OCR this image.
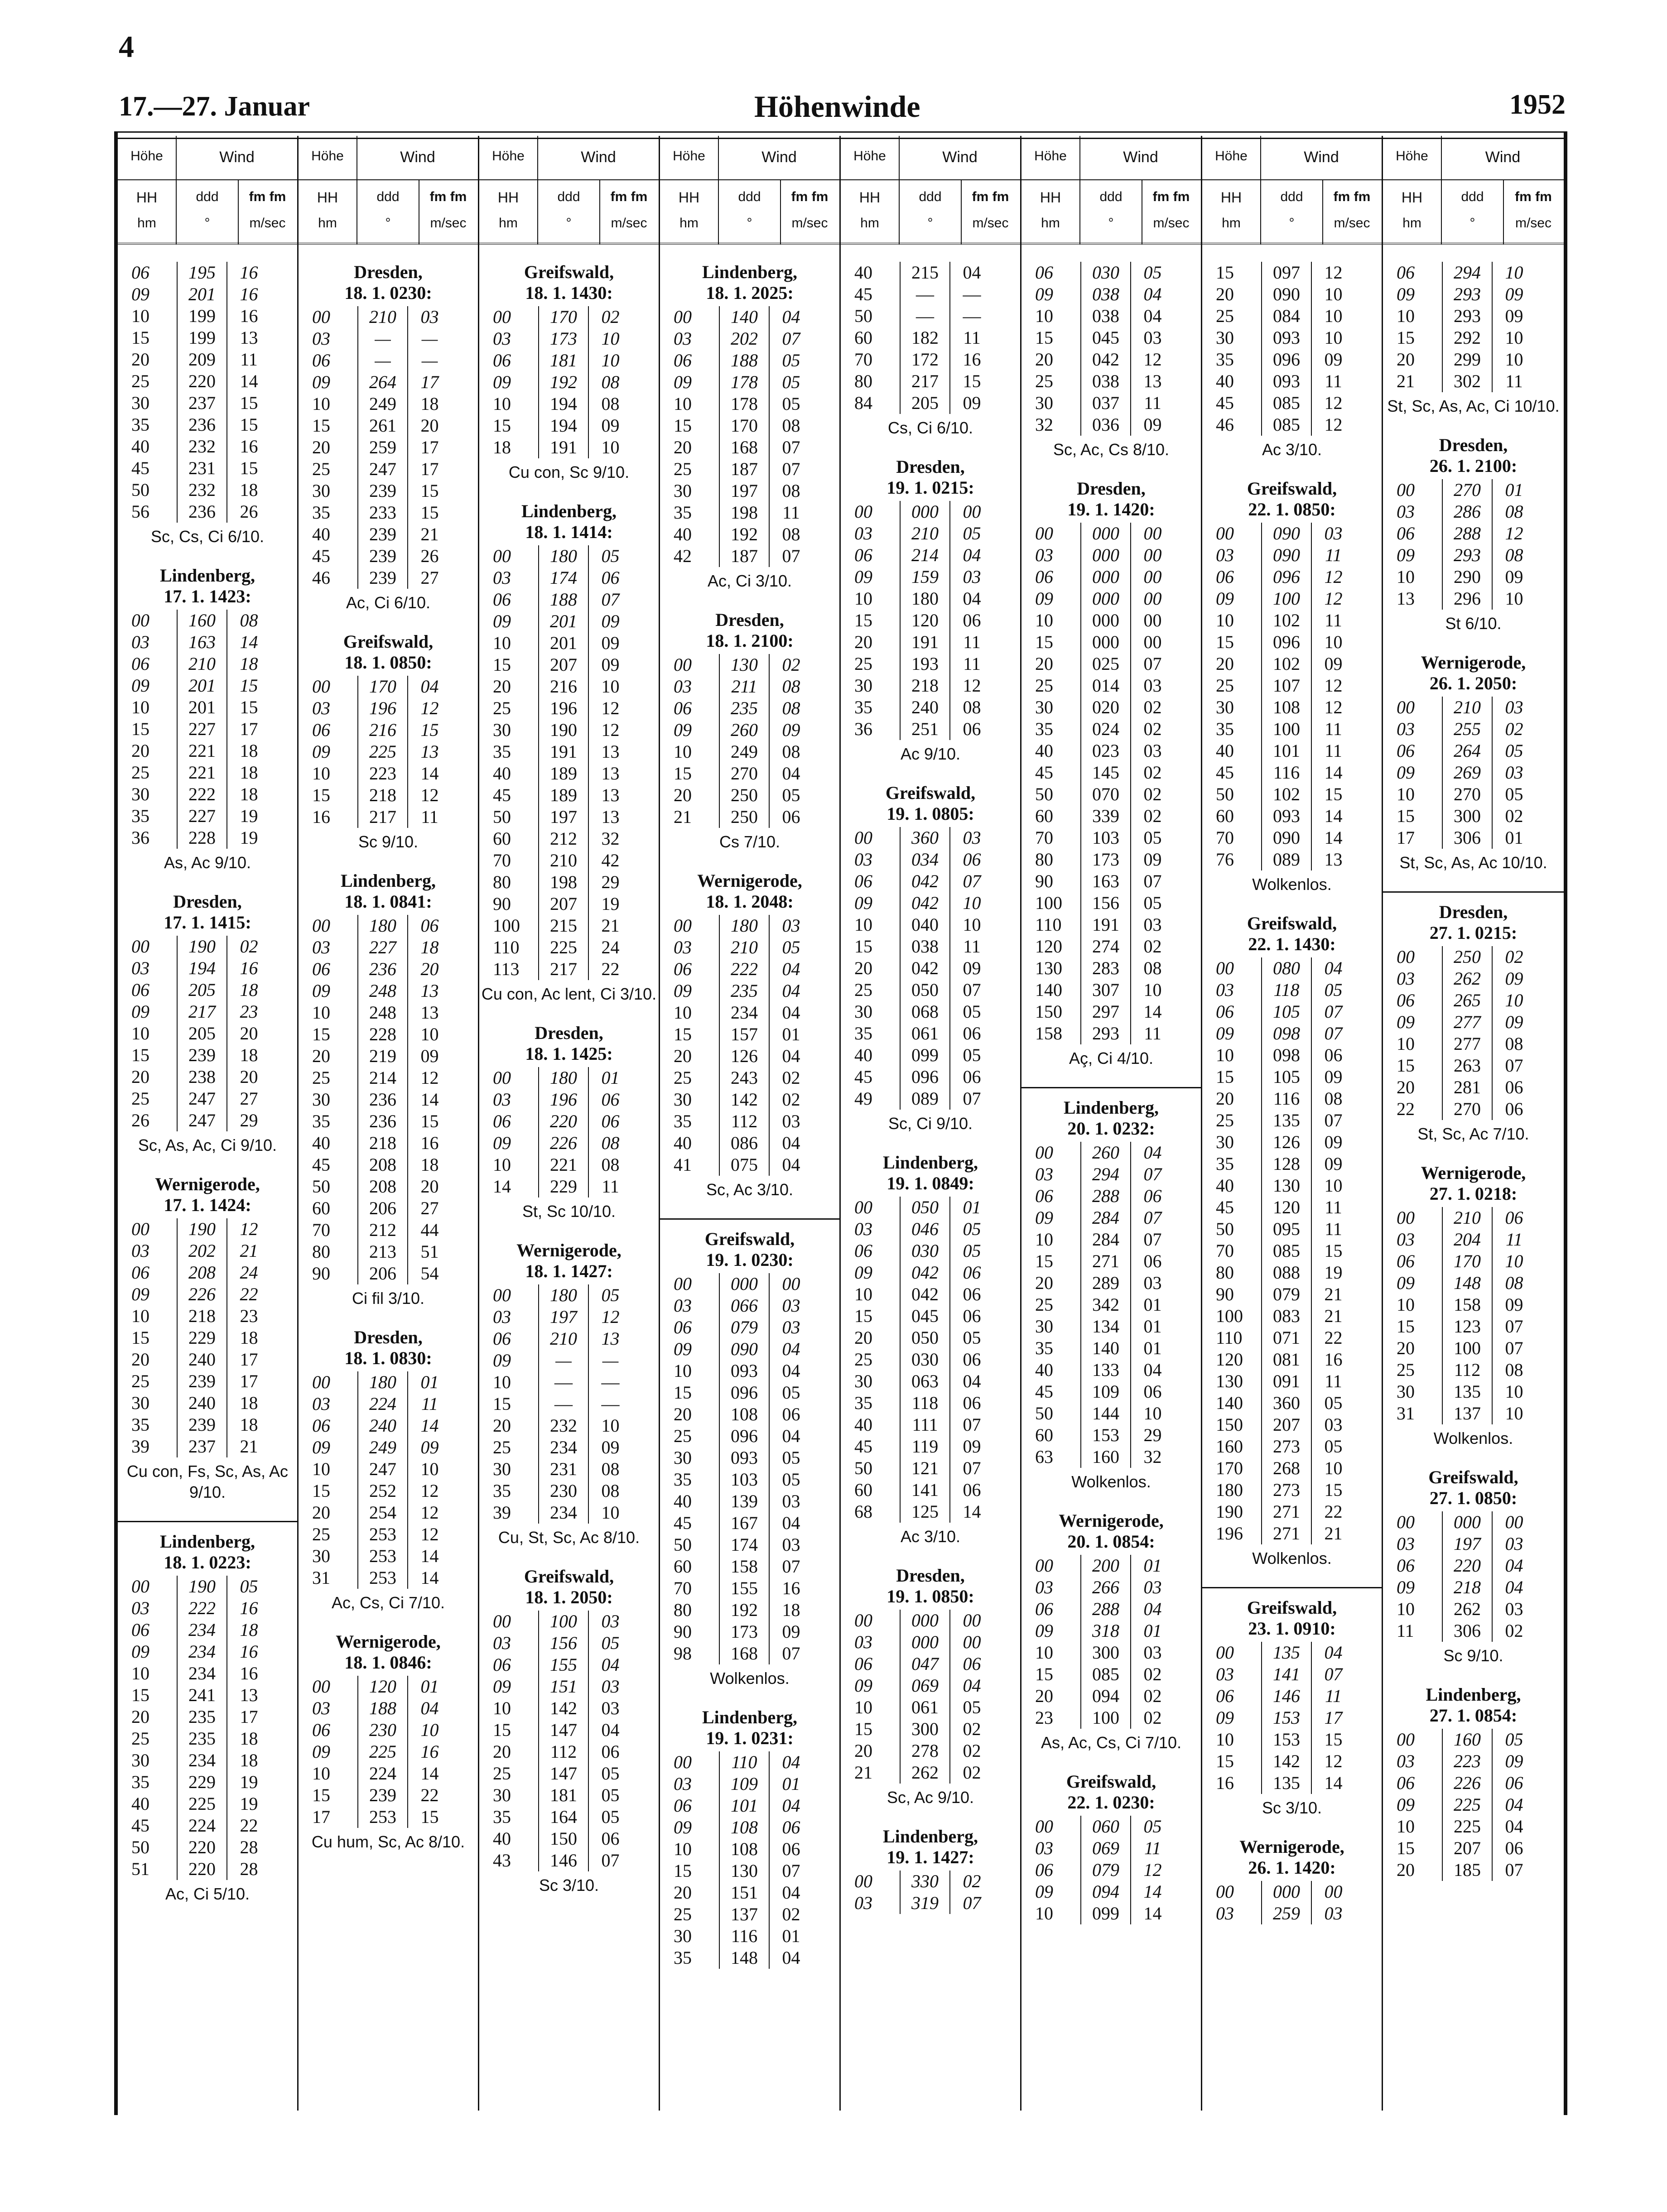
4
17.—27. Januar	Höhenwinde	1952
Höhe
HH
hm
Wind
ddd
°
fm fm
m/sec
06	195	16
09	201	16
10	199	16
15	199	13
20	209	11
25	220	14
30	237	15
35	236	15
40	232	16
45	231	15
50	232	18
56	236	26
Sc, Cs, Ci 6/10.
Lindenberg,
17. 1. 1423:
00	160	08
03	163	14
06	210	18
09	201	15
10	201	15
15	227	17
20	221	18
25	221	18
30	222	18
35	227	19
36	228	19
As, Ac 9/10.
Dresden,
17. 1. 1415:
00	190	02
03	194	16
06	205	18
09	217	23
10	205	20
15	239	18
20	238	20
25	247	27
26	247	29
Sc, As, Ac, Ci 9/10.
Wernigerode,
17. 1. 1424:
00	190	12
03	202	21
06	208	24
09	226	22
10	218	23
15	229	18
20	240	17
25	239	17
30	240	18
35	239	18
39	237	21
Cu con, Fs, Sc, As, Ac 9/10.
Lindenberg,
18. 1. 0223:
00	190	05
03	222	16
06	234	18
09	234	16
10	234	16
15	241	13
20	235	17
25	235	18
30	234	18
35	229	19
40	225	19
45	224	22
50	220	28
51	220	28
Ac, Ci 5/10.
Höhe
HH
hm
Wind
ddd
°
fm fm
m/sec
Dresden,
18. 1. 0230:
00	210	03
03	—	—
06	—	—
09	264	17
10	249	18
15	261	20
20	259	17
25	247	17
30	239	15
35	233	15
40	239	21
45	239	26
46	239	27
Ac, Ci 6/10.
Greifswald,
18. 1. 0850:
00	170	04
03	196	12
06	216	15
09	225	13
10	223	14
15	218	12
16	217	11
Sc 9/10.
Lindenberg,
18. 1. 0841:
00	180	06
03	227	18
06	236	20
09	248	13
10	248	13
15	228	10
20	219	09
25	214	12
30	236	14
35	236	15
40	218	16
45	208	18
50	208	20
60	206	27
70	212	44
80	213	51
90	206	54
Ci fil 3/10.
Dresden,
18. 1. 0830:
00	180	01
03	224	11
06	240	14
09	249	09
10	247	10
15	252	12
20	254	12
25	253	12
30	253	14
31	253	14
Ac, Cs, Ci 7/10.
Wernigerode,
18. 1. 0846:
00	120	01
03	188	04
06	230	10
09	225	16
10	224	14
15	239	22
17	253	15
Cu hum, Sc, Ac 8/10.
Höhe
HH
hm
Wind
ddd
°
fm fm
m/sec
Greifswald,
18. 1. 1430:
00	170	02
03	173	10
06	181	10
09	192	08
10	194	08
15	194	09
18	191	10
Cu con, Sc 9/10.
Lindenberg,
18. 1. 1414:
00	180	05
03	174	06
06	188	07
09	201	09
10	201	09
15	207	09
20	216	10
25	196	12
30	190	12
35	191	13
40	189	13
45	189	13
50	197	13
60	212	32
70	210	42
80	198	29
90	207	19
100	215	21
110	225	24
113	217	22
Cu con, Ac lent, Ci 3/10.
Dresden,
18. 1. 1425:
00	180	01
03	196	06
06	220	06
09	226	08
10	221	08
14	229	11
St, Sc 10/10.
Wernigerode,
18. 1. 1427:
00	180	05
03	197	12
06	210	13
09	—	—
10	—	—
15	—	—
20	232	10
25	234	09
30	231	08
35	230	08
39	234	10
Cu, St, Sc, Ac 8/10.
Greifswald,
18. 1. 2050:
00	100	03
03	156	05
06	155	04
09	151	03
10	142	03
15	147	04
20	112	06
25	147	05
30	181	05
35	164	05
40	150	06
43	146	07
Sc 3/10.
Höhe
HH
hm
Wind
ddd
°
fm fm
m/sec
Lindenberg,
18. 1. 2025:
00	140	04
03	202	07
06	188	05
09	178	05
10	178	05
15	170	08
20	168	07
25	187	07
30	197	08
35	198	11
40	192	08
42	187	07
Ac, Ci 3/10.
Dresden,
18. 1. 2100:
00	130	02
03	211	08
06	235	08
09	260	09
10	249	08
15	270	04
20	250	05
21	250	06
Cs 7/10.
Wernigerode,
18. 1. 2048:
00	180	03
03	210	05
06	222	04
09	235	04
10	234	04
15	157	01
20	126	04
25	243	02
30	142	02
35	112	03
40	086	04
41	075	04
Sc, Ac 3/10.
Greifswald,
19. 1. 0230:
00	000	00
03	066	03
06	079	03
09	090	04
10	093	04
15	096	05
20	108	06
25	096	04
30	093	05
35	103	05
40	139	03
45	167	04
50	174	03
60	158	07
70	155	16
80	192	18
90	173	09
98	168	07
Wolkenlos.
Lindenberg,
19. 1. 0231:
00	110	04
03	109	01
06	101	04
09	108	06
10	108	06
15	130	07
20	151	04
25	137	02
30	116	01
35	148	04
Höhe
HH
hm
Wind
ddd
°
fm fm
m/sec
40	215	04
45	—	—
50	—	—
60	182	11
70	172	16
80	217	15
84	205	09
Cs, Ci 6/10.
Dresden,
19. 1. 0215:
00	000	00
03	210	05
06	214	04
09	159	03
10	180	04
15	120	06
20	191	11
25	193	11
30	218	12
35	240	08
36	251	06
Ac 9/10.
Greifswald,
19. 1. 0805:
00	360	03
03	034	06
06	042	07
09	042	10
10	040	10
15	038	11
20	042	09
25	050	07
30	068	05
35	061	06
40	099	05
45	096	06
49	089	07
Sc, Ci 9/10.
Lindenberg,
19. 1. 0849:
00	050	01
03	046	05
06	030	05
09	042	06
10	042	06
15	045	06
20	050	05
25	030	06
30	063	04
35	118	06
40	111	07
45	119	09
50	121	07
60	141	06
68	125	14
Ac 3/10.
Dresden,
19. 1. 0850:
00	000	00
03	000	00
06	047	06
09	069	04
10	061	05
15	300	02
20	278	02
21	262	02
Sc, Ac 9/10.
Lindenberg,
19. 1. 1427:
00	330	02
03	319	07
Höhe
HH
hm
Wind
ddd
°
fm fm
m/sec
06	030	05
09	038	04
10	038	04
15	045	03
20	042	12
25	038	13
30	037	11
32	036	09
Sc, Ac, Cs 8/10.
Dresden,
19. 1. 1420:
00	000	00
03	000	00
06	000	00
09	000	00
10	000	00
15	000	00
20	025	07
25	014	03
30	020	02
35	024	02
40	023	03
45	145	02
50	070	02
60	339	02
70	103	05
80	173	09
90	163	07
100	156	05
110	191	03
120	274	02
130	283	08
140	307	10
150	297	14
158	293	11
Aç, Ci 4/10.
Lindenberg,
20. 1. 0232:
00	260	04
03	294	07
06	288	06
09	284	07
10	284	07
15	271	06
20	289	03
25	342	01
30	134	01
35	140	01
40	133	04
45	109	06
50	144	10
60	153	29
63	160	32
Wolkenlos.
Wernigerode,
20. 1. 0854:
00	200	01
03	266	03
06	288	04
09	318	01
10	300	03
15	085	02
20	094	02
23	100	02
As, Ac, Cs, Ci 7/10.
Greifswald,
22. 1. 0230:
00	060	05
03	069	11
06	079	12
09	094	14
10	099	14
Höhe
HH
hm
Wind
ddd
°
fm fm
m/sec
15	097	12
20	090	10
25	084	10
30	093	10
35	096	09
40	093	11
45	085	12
46	085	12
Ac 3/10.
Greifswald,
22. 1. 0850:
00	090	03
03	090	11
06	096	12
09	100	12
10	102	11
15	096	10
20	102	09
25	107	12
30	108	12
35	100	11
40	101	11
45	116	14
50	102	15
60	093	14
70	090	14
76	089	13
Wolkenlos.
Greifswald,
22. 1. 1430:
00	080	04
03	118	05
06	105	07
09	098	07
10	098	06
15	105	09
20	116	08
25	135	07
30	126	09
35	128	09
40	130	10
45	120	11
50	095	11
70	085	15
80	088	19
90	079	21
100	083	21
110	071	22
120	081	16
130	091	11
140	360	05
150	207	03
160	273	05
170	268	10
180	273	15
190	271	22
196	271	21
Wolkenlos.
Greifswald,
23. 1. 0910:
00	135	04
03	141	07
06	146	11
09	153	17
10	153	15
15	142	12
16	135	14
Sc 3/10.
Wernigerode,
26. 1. 1420:
00	000	00
03	259	03
Höhe
HH
hm
Wind
ddd
°
fm fm
m/sec
06	294	10
09	293	09
10	293	09
15	292	10
20	299	10
21	302	11
St, Sc, As, Ac, Ci 10/10.
Dresden,
26. 1. 2100:
00	270	01
03	286	08
06	288	12
09	293	08
10	290	09
13	296	10
St 6/10.
Wernigerode,
26. 1. 2050:
00	210	03
03	255	02
06	264	05
09	269	03
10	270	05
15	300	02
17	306	01
St, Sc, As, Ac 10/10.
Dresden,
27. 1. 0215:
00	250	02
03	262	09
06	265	10
09	277	09
10	277	08
15	263	07
20	281	06
22	270	06
St, Sc, Ac 7/10.
Wernigerode,
27. 1. 0218:
00	210	06
03	204	11
06	170	10
09	148	08
10	158	09
15	123	07
20	100	07
25	112	08
30	135	10
31	137	10
Wolkenlos.
Greifswald,
27. 1. 0850:
00	000	00
03	197	03
06	220	04
09	218	04
10	262	03
11	306	02
Sc 9/10.
Lindenberg,
27. 1. 0854:
00	160	05
03	223	09
06	226	06
09	225	04
10	225	04
15	207	06
20	185	07
